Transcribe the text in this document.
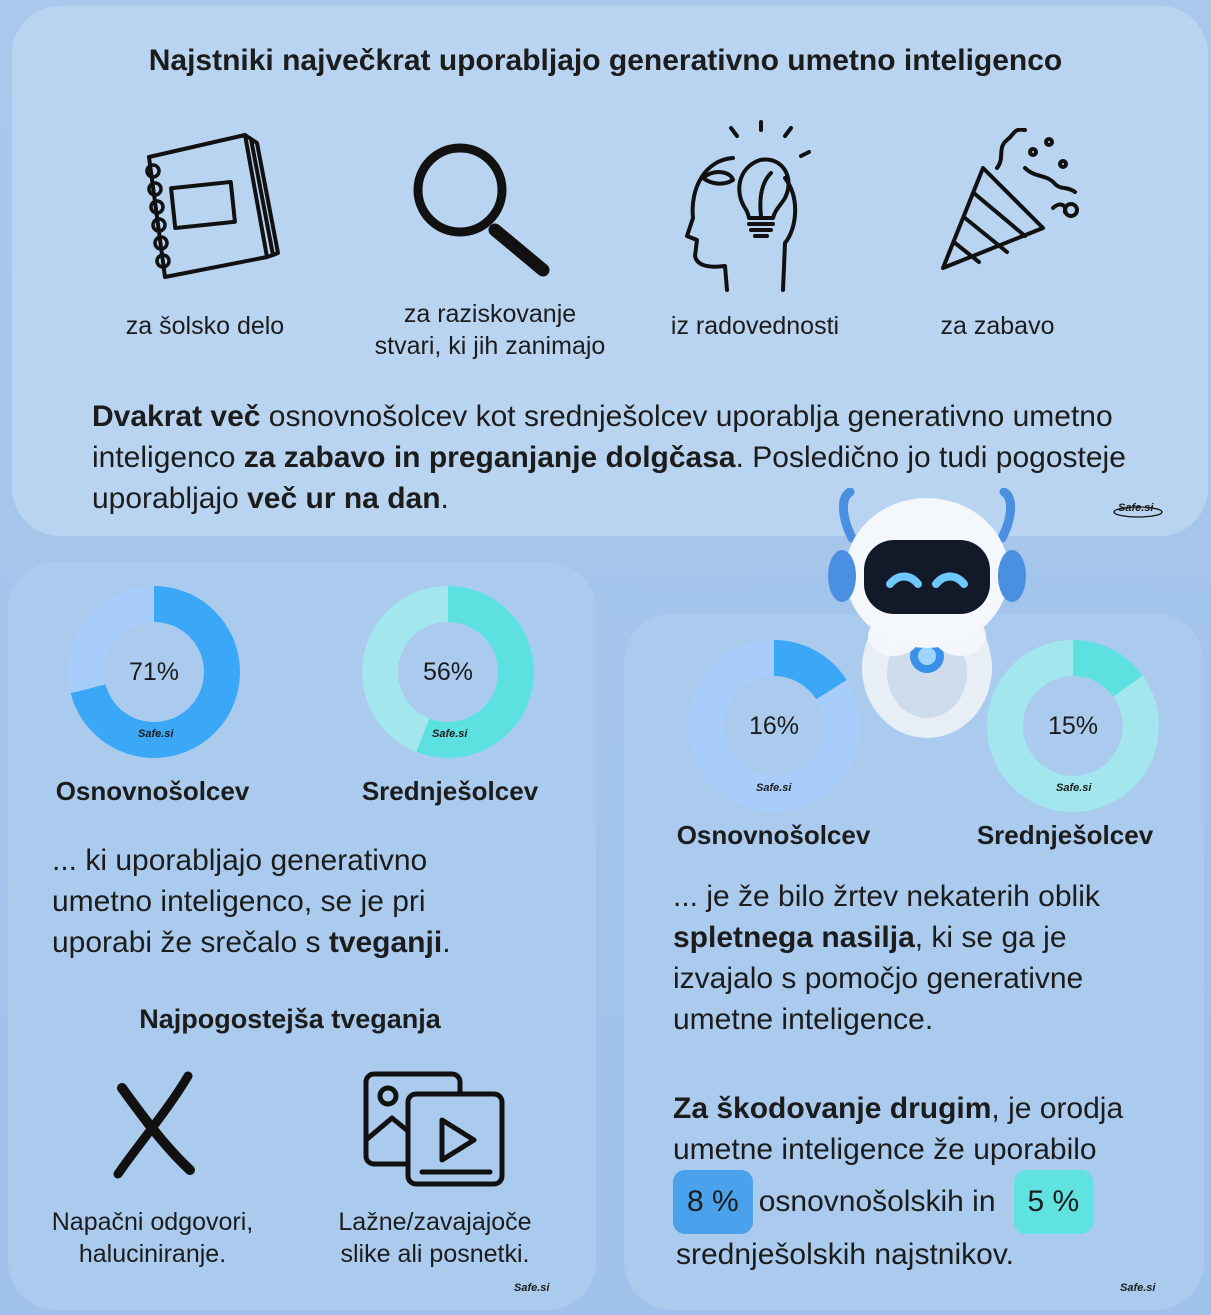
Najstniki največkrat uporabljajo generativno umetno inteligenco
za šolsko delo	za raziskovanje
stvari, ki jih zanimajo
iz radovednosti	za zabavo
Dvakrat več osnovnošolcev kot srednješolcev uporablja generativno umetno inteligenco za zabavo in preganjanje dolgčasa. Posledično jo tudi pogosteje uporabljajo več ur na dan.	Safe.si
71%	56%
Safe.si	Safe.si
Osnovnošolcev	Srednješolcev
... ki uporabljajo generativno umetno inteligenco, se je pri uporabi že srečalo s tveganji.
Najpogostejša tveganja
Napačni odgovori,
haluciniranje.
Lažne/zavajajoče
slike ali posnetki.
Safe.si
16%	15%
Safe.si	Safe.si
Osnovnošolcev	Srednješolcev
... je že bilo žrtev nekaterih oblik spletnega nasilja, ki se ga je izvajalo s pomočjo generativne umetne inteligence.
Za škodovanje drugim, je orodja umetne inteligence že uporabilo
8 % osnovnošolskih in 5 %
srednješolskih najstnikov.
Safe.si
